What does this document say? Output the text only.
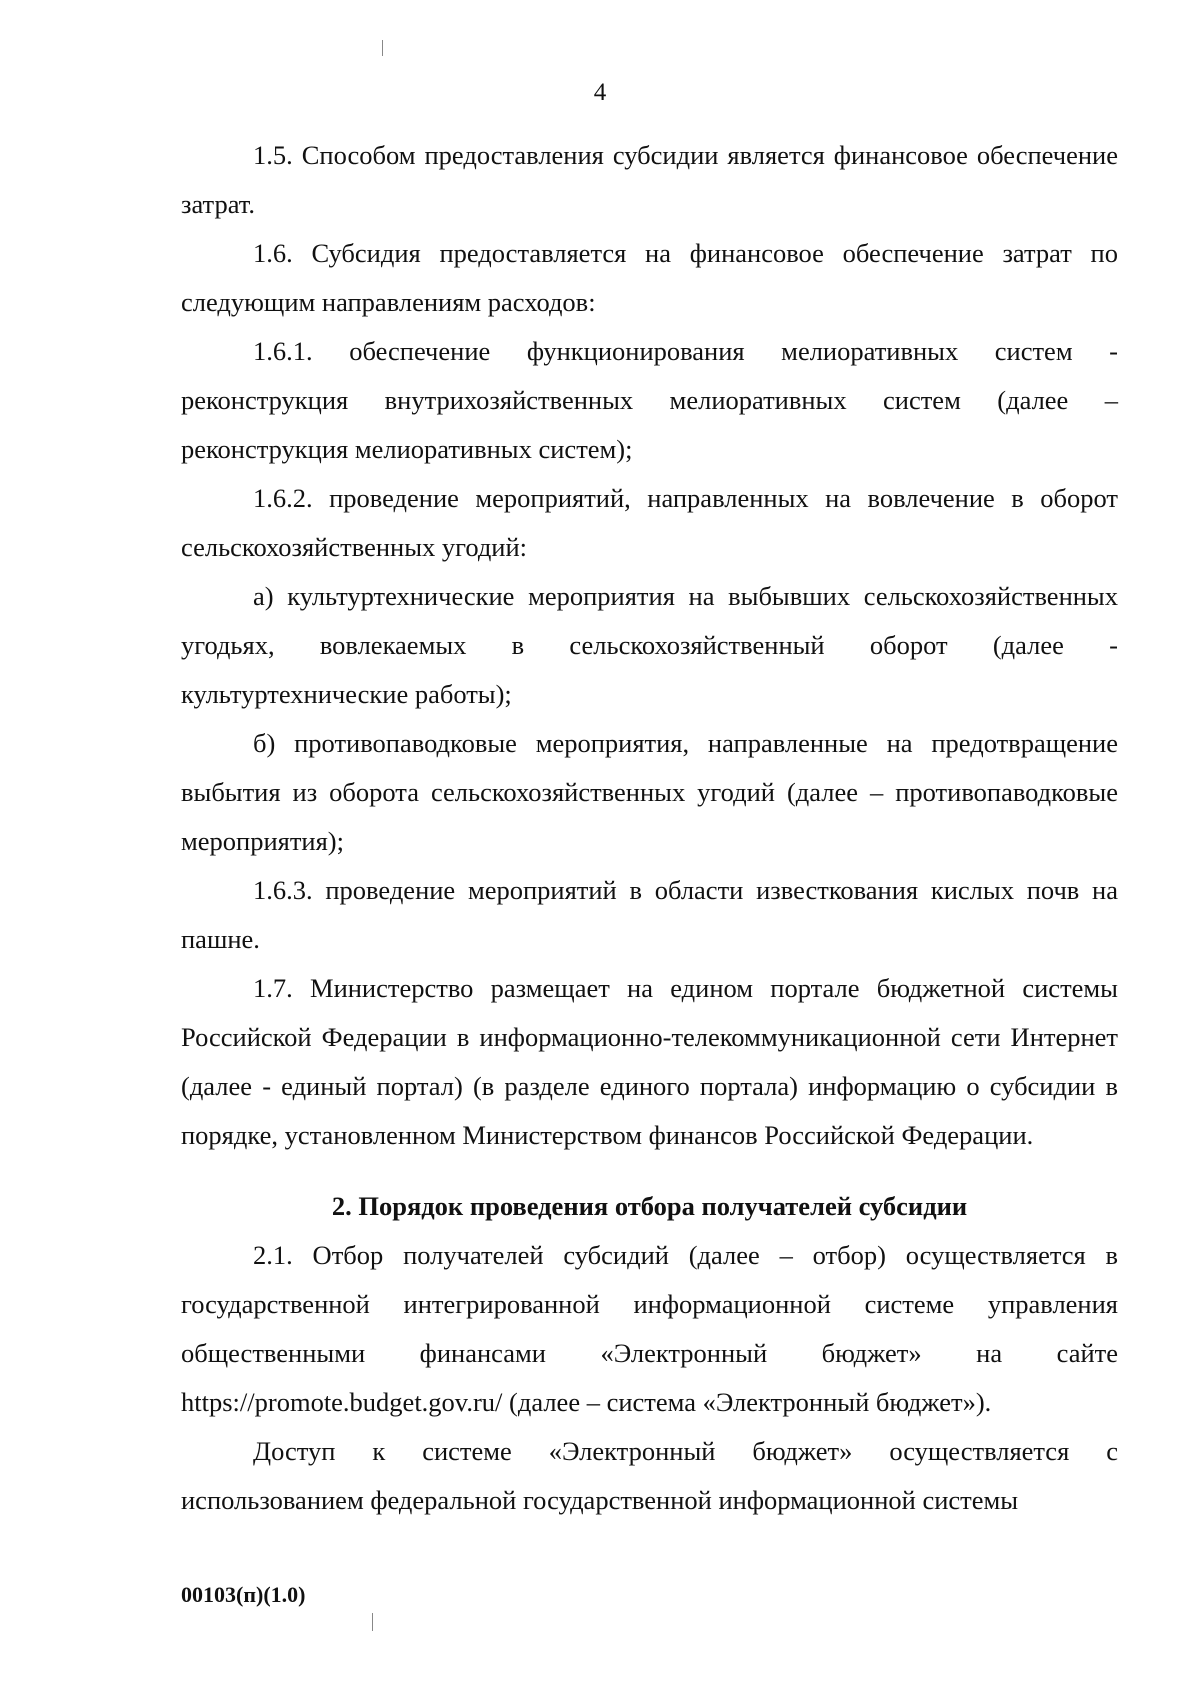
4

1.5. Способом предоставления субсидии является финансовое обеспечение затрат.

1.6. Субсидия предоставляется на финансовое обеспечение затрат по следующим направлениям расходов:

1.6.1. обеспечение функционирования мелиоративных систем - реконструкция внутрихозяйственных мелиоративных систем (далее – реконструкция мелиоративных систем);

1.6.2. проведение мероприятий, направленных на вовлечение в оборот сельскохозяйственных угодий:

а) культуртехнические мероприятия на выбывших сельскохозяйственных угодьях, вовлекаемых в сельскохозяйственный оборот (далее - культуртехнические работы);

б) противопаводковые мероприятия, направленные на предотвращение выбытия из оборота сельскохозяйственных угодий (далее – противопаводковые мероприятия);

1.6.3. проведение мероприятий в области известкования кислых почв на пашне.

1.7. Министерство размещает на едином портале бюджетной системы Российской Федерации в информационно-телекоммуникационной сети Интернет (далее - единый портал) (в разделе единого портала) информацию о субсидии в порядке, установленном Министерством финансов Российской Федерации.

2. Порядок проведения отбора получателей субсидии

2.1. Отбор получателей субсидий (далее – отбор) осуществляется в государственной интегрированной информационной системе управления общественными финансами «Электронный бюджет» на сайте https://promote.budget.gov.ru/ (далее – система «Электронный бюджет»).

Доступ к системе «Электронный бюджет» осуществляется с использованием федеральной государственной информационной системы

00103(п)(1.0)
